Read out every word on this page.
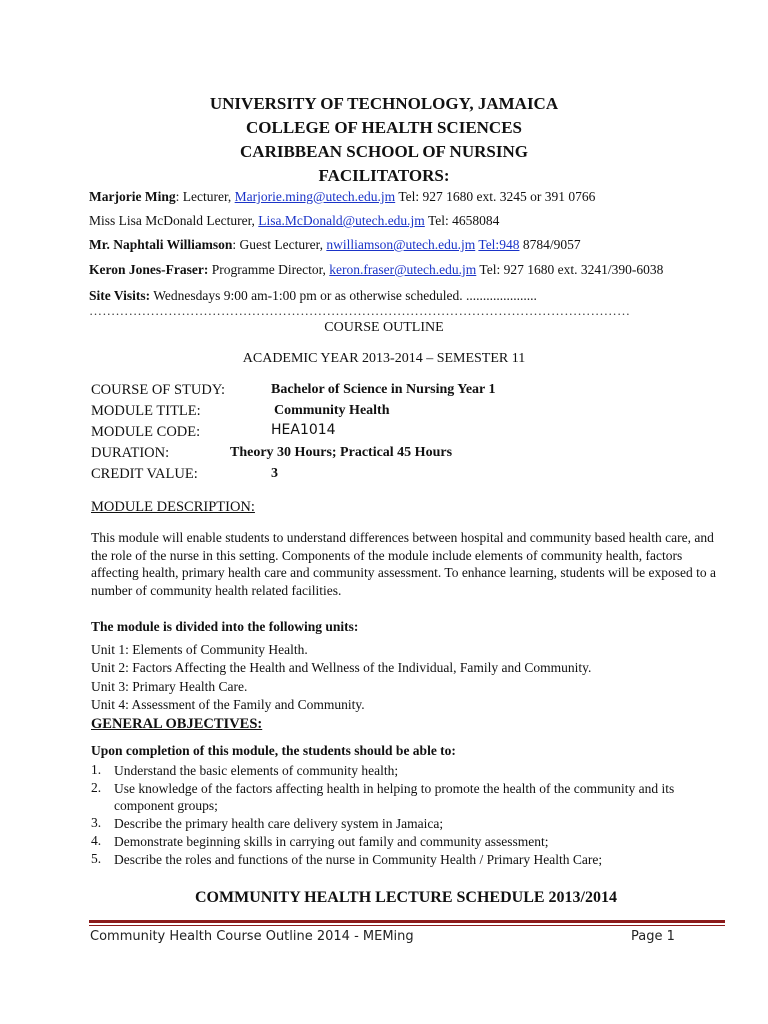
UNIVERSITY OF TECHNOLOGY, JAMAICA
COLLEGE OF HEALTH SCIENCES
CARIBBEAN SCHOOL OF NURSING
FACILITATORS:
Marjorie Ming: Lecturer, Marjorie.ming@utech.edu.jm Tel: 927 1680 ext. 3245 or 391 0766
Miss Lisa McDonald Lecturer, Lisa.McDonald@utech.edu.jm Tel: 4658084
Mr. Naphtali Williamson: Guest Lecturer, nwilliamson@utech.edu.jm Tel:948 8784/9057
Keron Jones-Fraser: Programme Director, keron.fraser@utech.edu.jm Tel: 927 1680 ext. 3241/390-6038
Site Visits: Wednesdays 9:00 am-1:00 pm or as otherwise scheduled. .....................
……………………………………………………………………………………………………………
COURSE OUTLINE
ACADEMIC YEAR 2013-2014 – SEMESTER 11
COURSE OF STUDY:	Bachelor of Science in Nursing Year 1
MODULE TITLE:	Community Health
MODULE CODE:	HEA1014
DURATION:	Theory 30 Hours; Practical 45 Hours
CREDIT VALUE:	3
MODULE DESCRIPTION:
This module will enable students to understand differences between hospital and community based health care, and the role of the nurse in this setting. Components of the module include elements of community health, factors affecting health, primary health care and community assessment. To enhance learning, students will be exposed to a number of community health related facilities.
The module is divided into the following units:
Unit 1: Elements of Community Health.
Unit 2: Factors Affecting the Health and Wellness of the Individual, Family and Community.
Unit 3: Primary Health Care.
Unit 4: Assessment of the Family and Community.
GENERAL OBJECTIVES:
Upon completion of this module, the students should be able to:
1. Understand the basic elements of community health;
2. Use knowledge of the factors affecting health in helping to promote the health of the community and its component groups;
3. Describe the primary health care delivery system in Jamaica;
4. Demonstrate beginning skills in carrying out family and community assessment;
5. Describe the roles and functions of the nurse in Community Health / Primary Health Care;
COMMUNITY HEALTH LECTURE SCHEDULE 2013/2014
Community Health Course Outline 2014 - MEMing	Page 1
